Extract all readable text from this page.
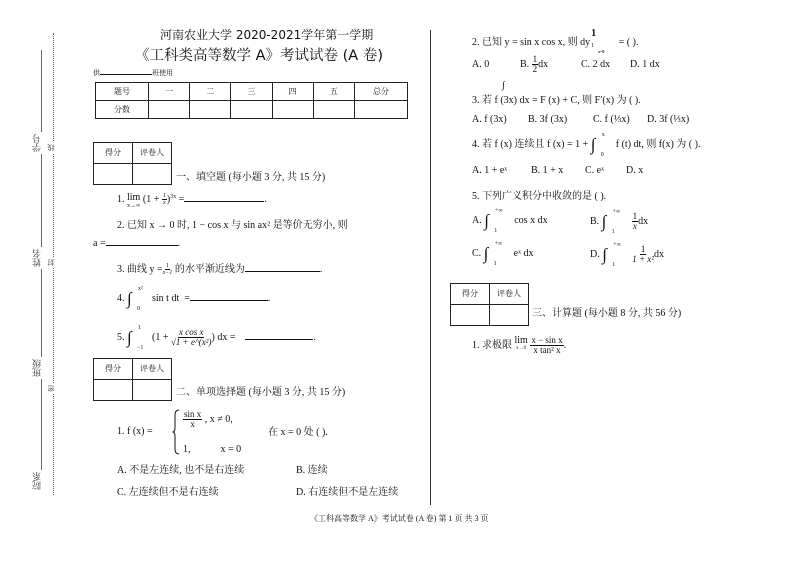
学号
姓名
班级
院系
线
封
密
河南农业大学 2020-2021学年第一学期
《工科类高等数学 A》考试试卷 (A 卷)
供	班使用
题号	一	二	三	四	五	总分
分数						
得分	评卷人

一、填空题 (每小题 3 分, 共 15 分)
1. lim
x→∞
$(1 + \frac{1}{x} )^{3x}$ =	.
2. 已知 x → 0 时, 1 − cos x 与 sin ax² 是等价无穷小, 则
a =	.
3. 曲线 $y = \frac{1}{x-1}$ 的水平渐近线为	.
4. ∫ x²
0
sin t dt =	.
5. ∫ 1
−1
($1 + \frac{\text{x cos x}}{\text{√1 + e\textasciicircum{}(x²)}}$ ) dx =	.
得分	评卷人

二、单项选择题 (每小题 3 分, 共 15 分)
1. f (x) =
$\frac{\text{sin x}}{x}$ , x ≠ 0,
1,	x = 0
在 x = 0 处 ( ).
A. 不是左连续, 也不是右连续	B. 连续
C. 左连续但不是右连续	D. 右连续但不是左连续
2. 已知 y = sin x cos x, 则 dy
1
1
x=0
= ( ).
A. 0	B. $\frac{1}{2}$ dx	C. 2 dx D. 1 dx
∫
3. 若 f (3x) dx = F (x) + C, 则 F′(x) 为 ( ).
A. f (3x) B. 3f (3x)	C. f (⅓x) D. 3f (⅓x)
4. 若 f (x) 连续且 f (x) = 1 + ∫ x
0
f (t) dt, 则 f(x) 为 ( ).
A. 1 + eˣ B. 1 + x C. eˣ D. x
5. 下列广义积分中收敛的是 ( ).
A. ∫ +∞
1
cos x dx	B. ∫ +∞
1

$\frac{1}{x}$ dx
C. ∫ +∞
1
eˣ dx	D. ∫ +∞
1

$\frac{1}{\text{1 + x²}}$ dx
得分	评卷人

三、计算题 (每小题 8 分, 共 56 分)
1. 求极限 lim
x→0
$\frac{\text{x − sin x}}{\text{x tan² x}}$ .
《工科高等数学 A》考试试卷 (A 卷) 第 1 页 共 3 页
